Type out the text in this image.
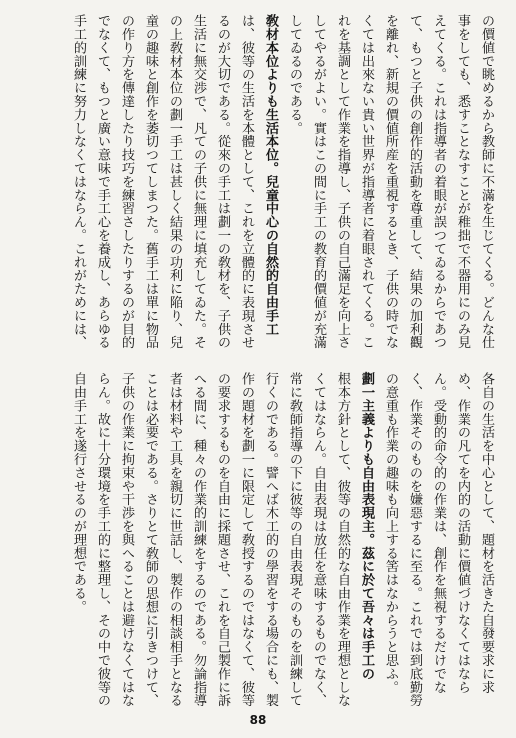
の價値で眺めるから教師に不滿を生じてくる。どんな仕
事をしても、悉すことなすことが稚拙で不器用にのみ見
えてくる。これは指導者の着眼が誤つてゐるからであつ
て、もつと子供の創作的活動を尊重して、結果の加利觀
を離れ、新規の價値所産を重視するとき、子供の時でな
くては出來ない貴い世界が指導者に着眼されてくる。こ
れを基調として作業を指導し、子供の自己滿足を向上さ
してやるがよい。實はこの間に手工の教育的價値が充滿
してゐるのである。
敎材本位よりも生活本位。兒童中心の自然的自由手工
は、彼等の生活を本體として、これを立體的に表現させ
るのが大切である。從來の手工は劃一の敎材を、子供の
生活に無交渉で、凡ての子供に無理に填充してゐた。そ
の上敎材本位の劃一手工は甚しく結果の功利に陥り、兒
童の趣味と創作を萎切つてしまつた。舊手工は單に物品
の作り方を傳達したり技巧を練習さしたりするのが目的
でなくて、もつと廣い意味で手工心を養成し、あらゆる
手工的訓練に努力しなくてはならん。これがためには、
各自の生活を中心として、題材を活きた自發要求に求
め、作業の凡てを内的の活動に價値づけなくてはなら
ん。受動的命令的の作業は、創作を無視するだけでな
く、作業そのものを嫌惡するに至る。これでは到底勤勞
の意重も作業の趣味も向上する筈はなからうと思ふ。
劃一主義よりも自由表現主。茲に於て吾々は手工の
根本方針として、彼等の自然的な自由作業を理想としな
くてはならん。自由表現は放任を意味するものでなく、
常に敎師指導の下に彼等の自由表現そのものを訓練して
行くのである。譬へば木工的の學習をする場合にも、製
作の題材を劃一に限定して敎授するのではなくて、彼等
の要求するものを自由に採題させ、これを自己製作に訴
へる間に、種々の作業的訓練をするのである。勿論指導
者は材料や工具を親切に世話し、製作の相談相手となる
ことは必要である。さりとて敎師の思想に引きつけて、
子供の作業に拘束や干渉を與へることは避けなくてはな
らん。故に十分環境を手工的に整理し、その中で彼等の
自由手工を遂行させるのが理想である。
88
